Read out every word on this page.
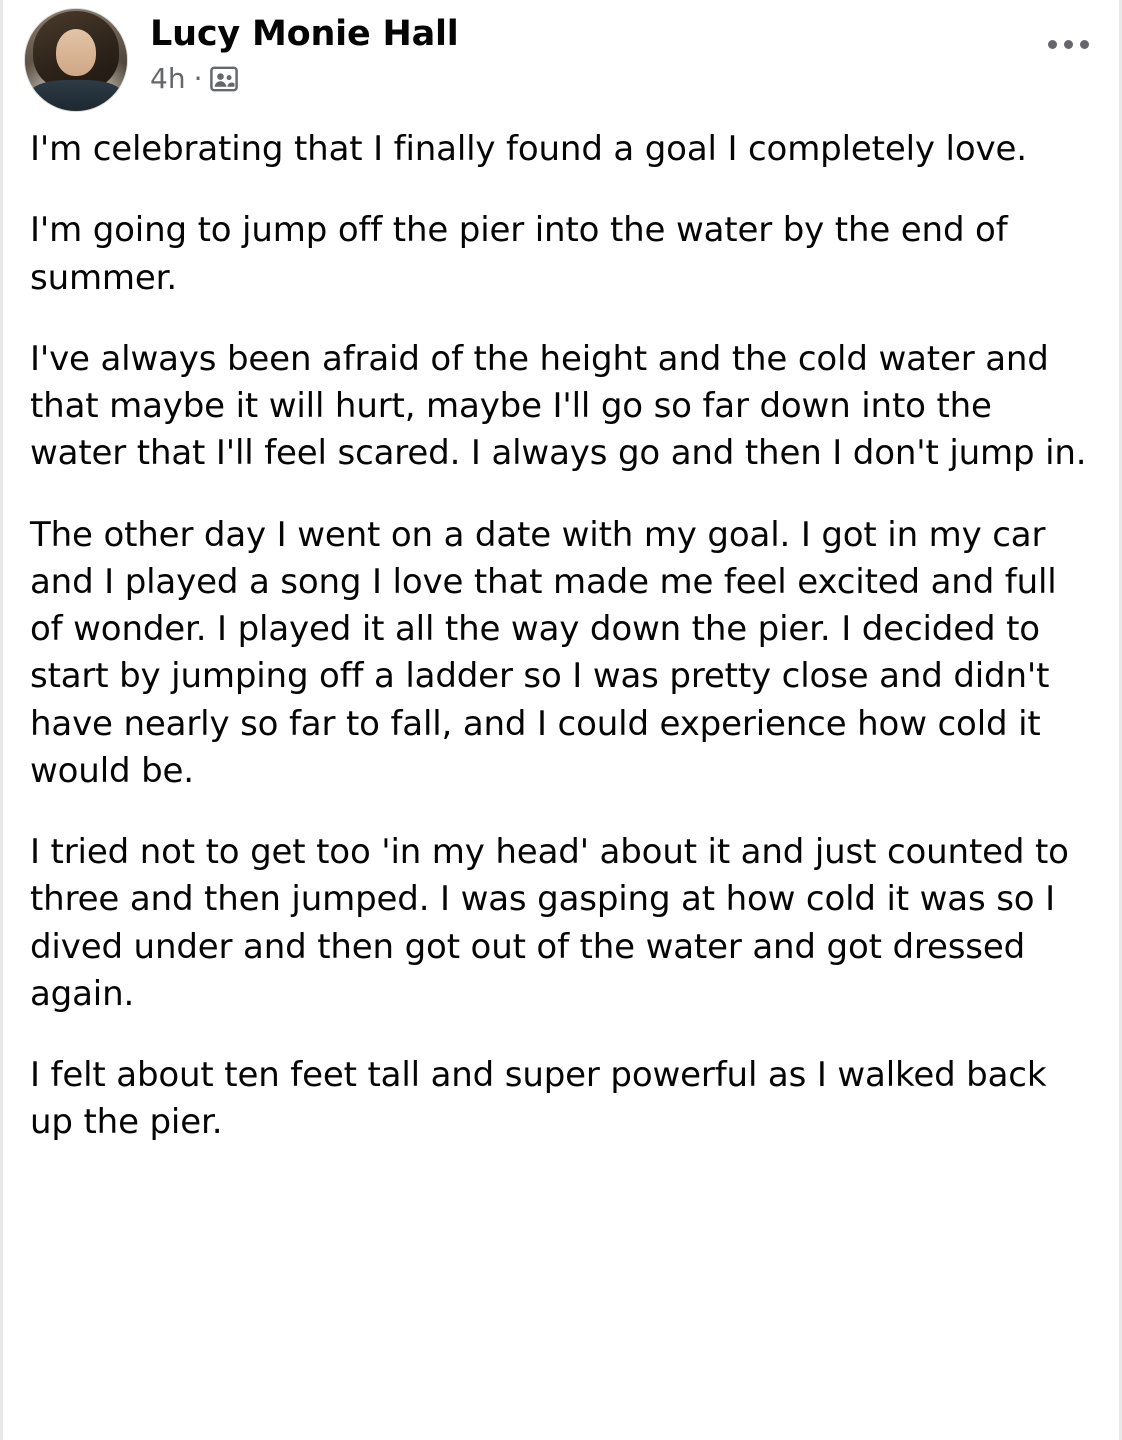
Lucy Monie Hall
4h ·

I'm celebrating that I finally found a goal I completely love.

I'm going to jump off the pier into the water by the end of summer.

I've always been afraid of the height and the cold water and that maybe it will hurt, maybe I'll go so far down into the water that I'll feel scared. I always go and then I don't jump in.

The other day I went on a date with my goal. I got in my car and I played a song I love that made me feel excited and full of wonder. I played it all the way down the pier. I decided to start by jumping off a ladder so I was pretty close and didn't have nearly so far to fall, and I could experience how cold it would be.

I tried not to get too 'in my head' about it and just counted to three and then jumped. I was gasping at how cold it was so I dived under and then got out of the water and got dressed again.

I felt about ten feet tall and super powerful as I walked back up the pier.
